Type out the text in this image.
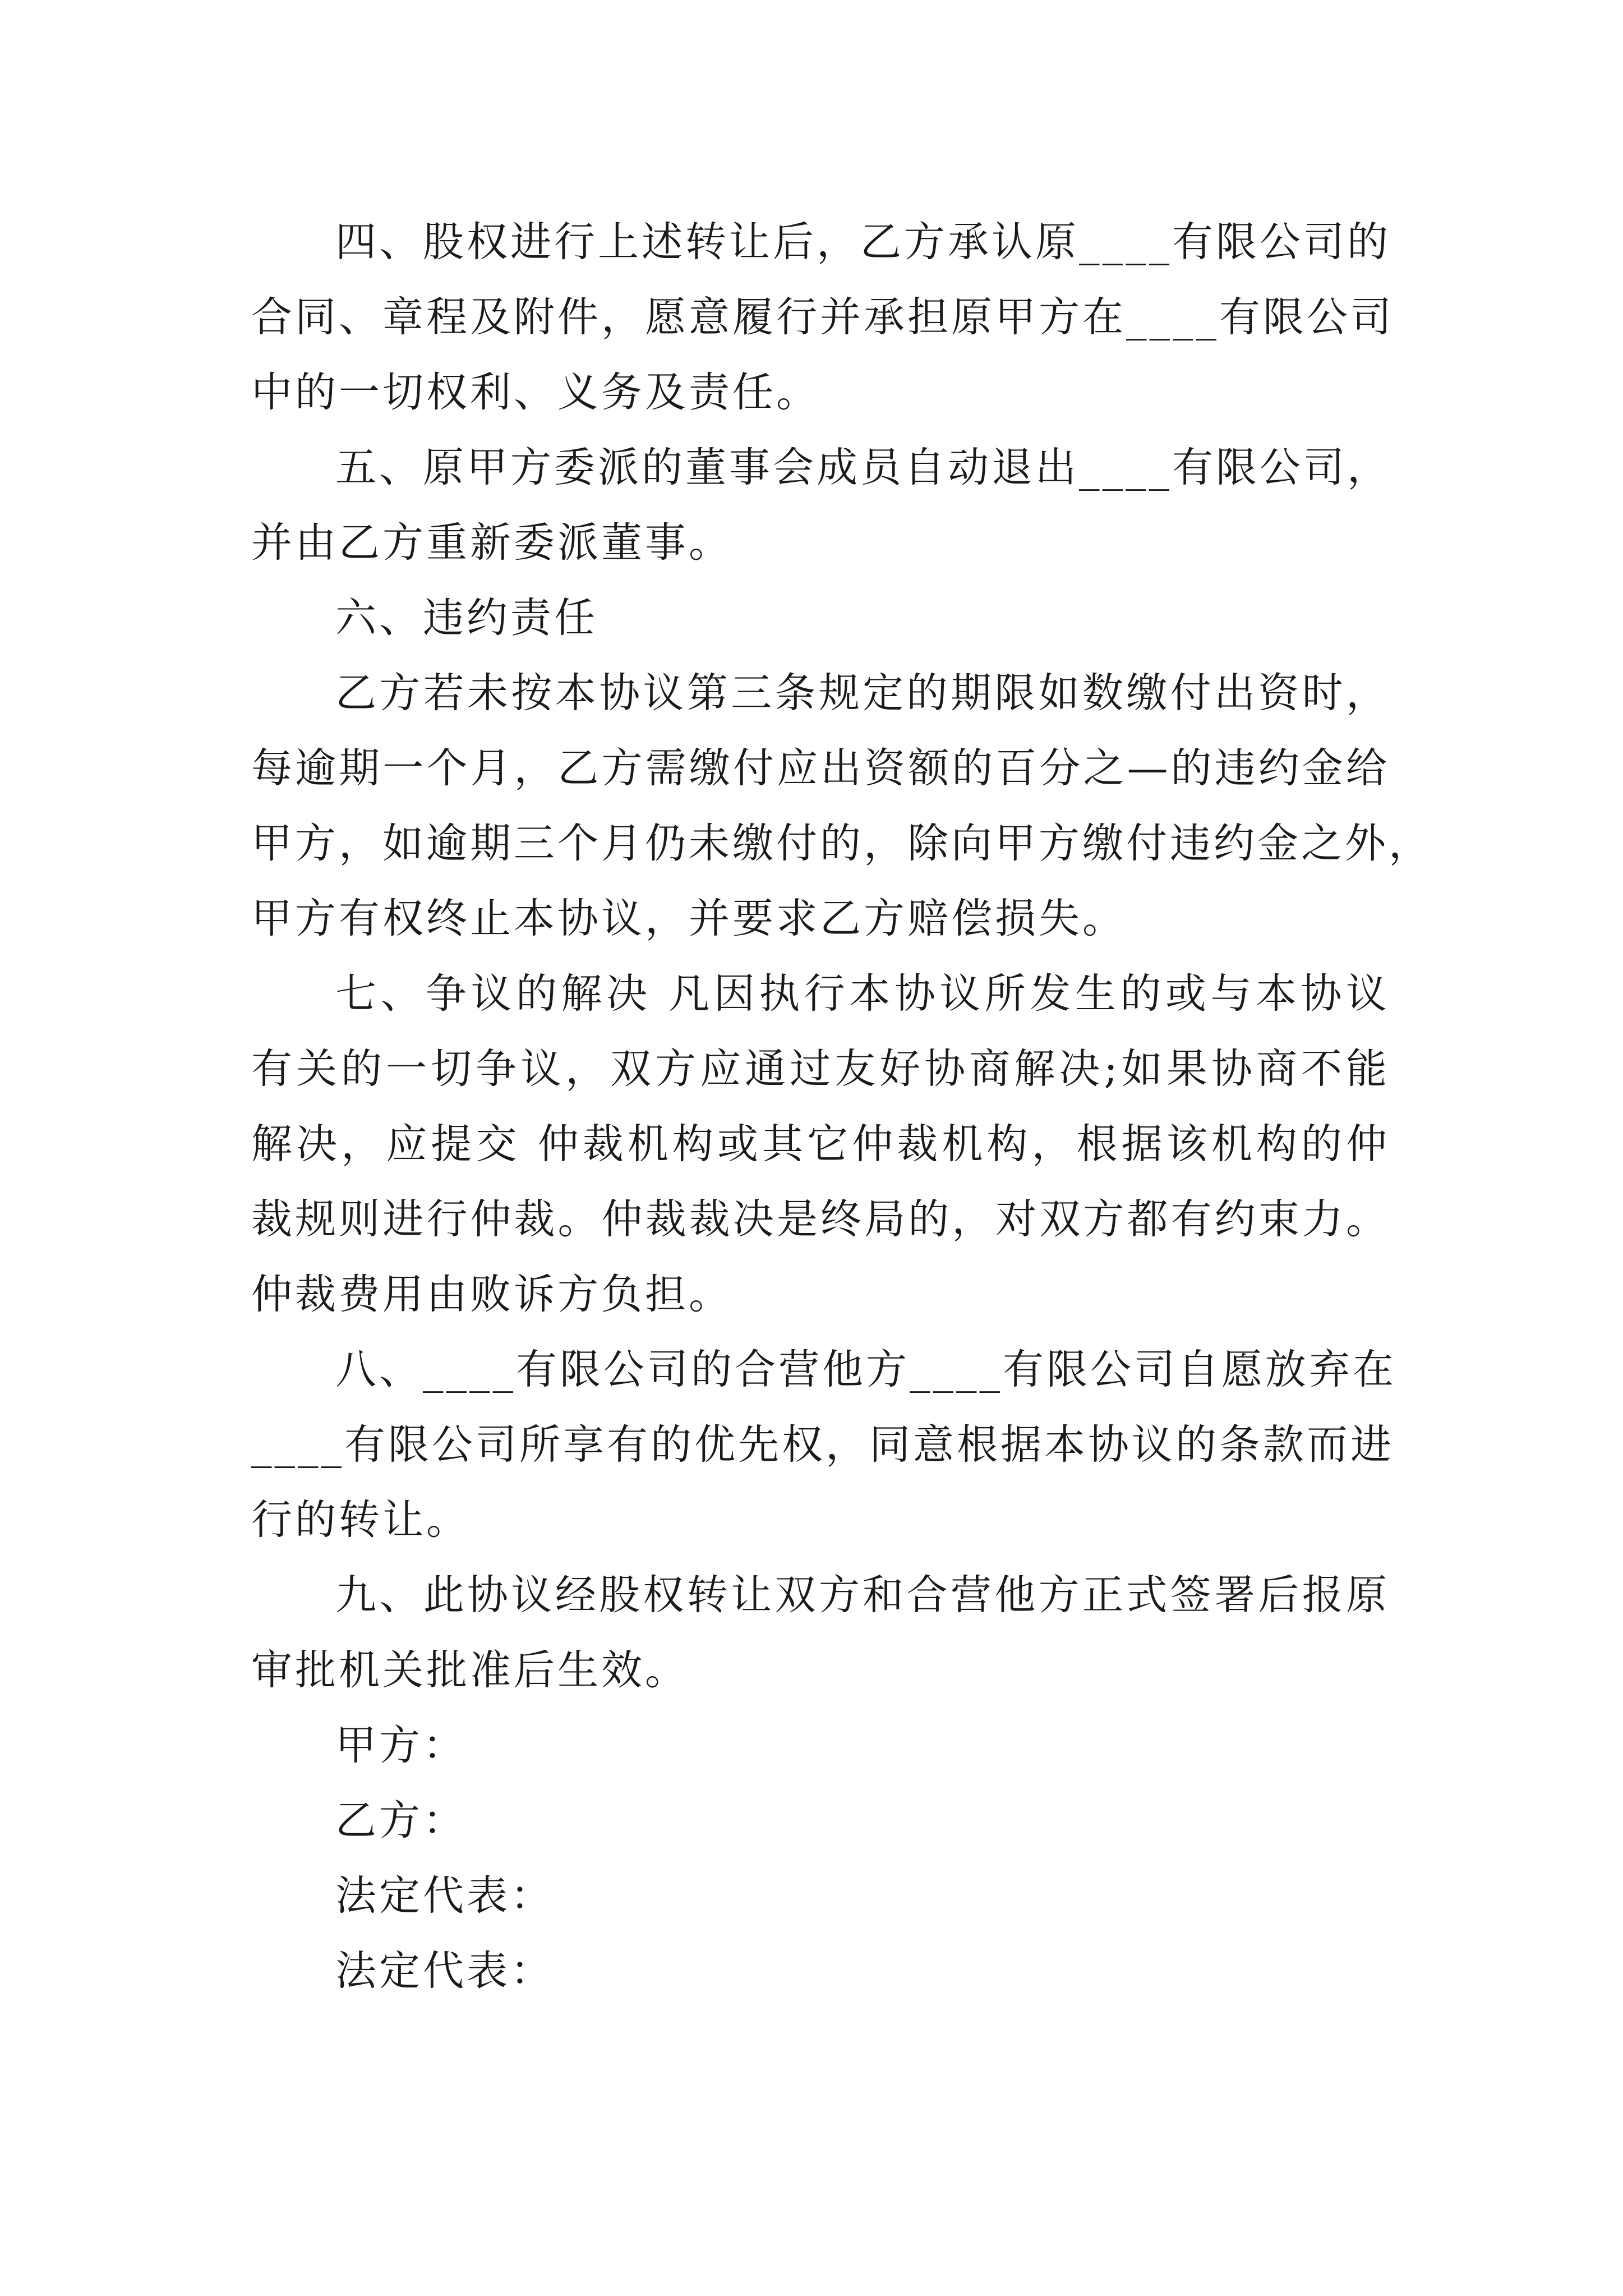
四、股权进行上述转让后，乙方承认原____有限公司的
合同、章程及附件，愿意履行并承担原甲方在____有限公司
中的一切权利、义务及责任。
五、原甲方委派的董事会成员自动退出____有限公司，
并由乙方重新委派董事。
六、违约责任
乙方若未按本协议第三条规定的期限如数缴付出资时，
每逾期一个月，乙方需缴付应出资额的百分之—的违约金给
甲方，如逾期三个月仍未缴付的，除向甲方缴付违约金之外，
甲方有权终止本协议，并要求乙方赔偿损失。
七、争议的解决 凡因执行本协议所发生的或与本协议
有关的一切争议，双方应通过友好协商解决;如果协商不能
解决，应提交 仲裁机构或其它仲裁机构，根据该机构的仲
裁规则进行仲裁。仲裁裁决是终局的，对双方都有约束力。
仲裁费用由败诉方负担。
八、____有限公司的合营他方____有限公司自愿放弃在
____有限公司所享有的优先权，同意根据本协议的条款而进
行的转让。
九、此协议经股权转让双方和合营他方正式签署后报原
审批机关批准后生效。
甲方：
乙方：
法定代表：
法定代表：
